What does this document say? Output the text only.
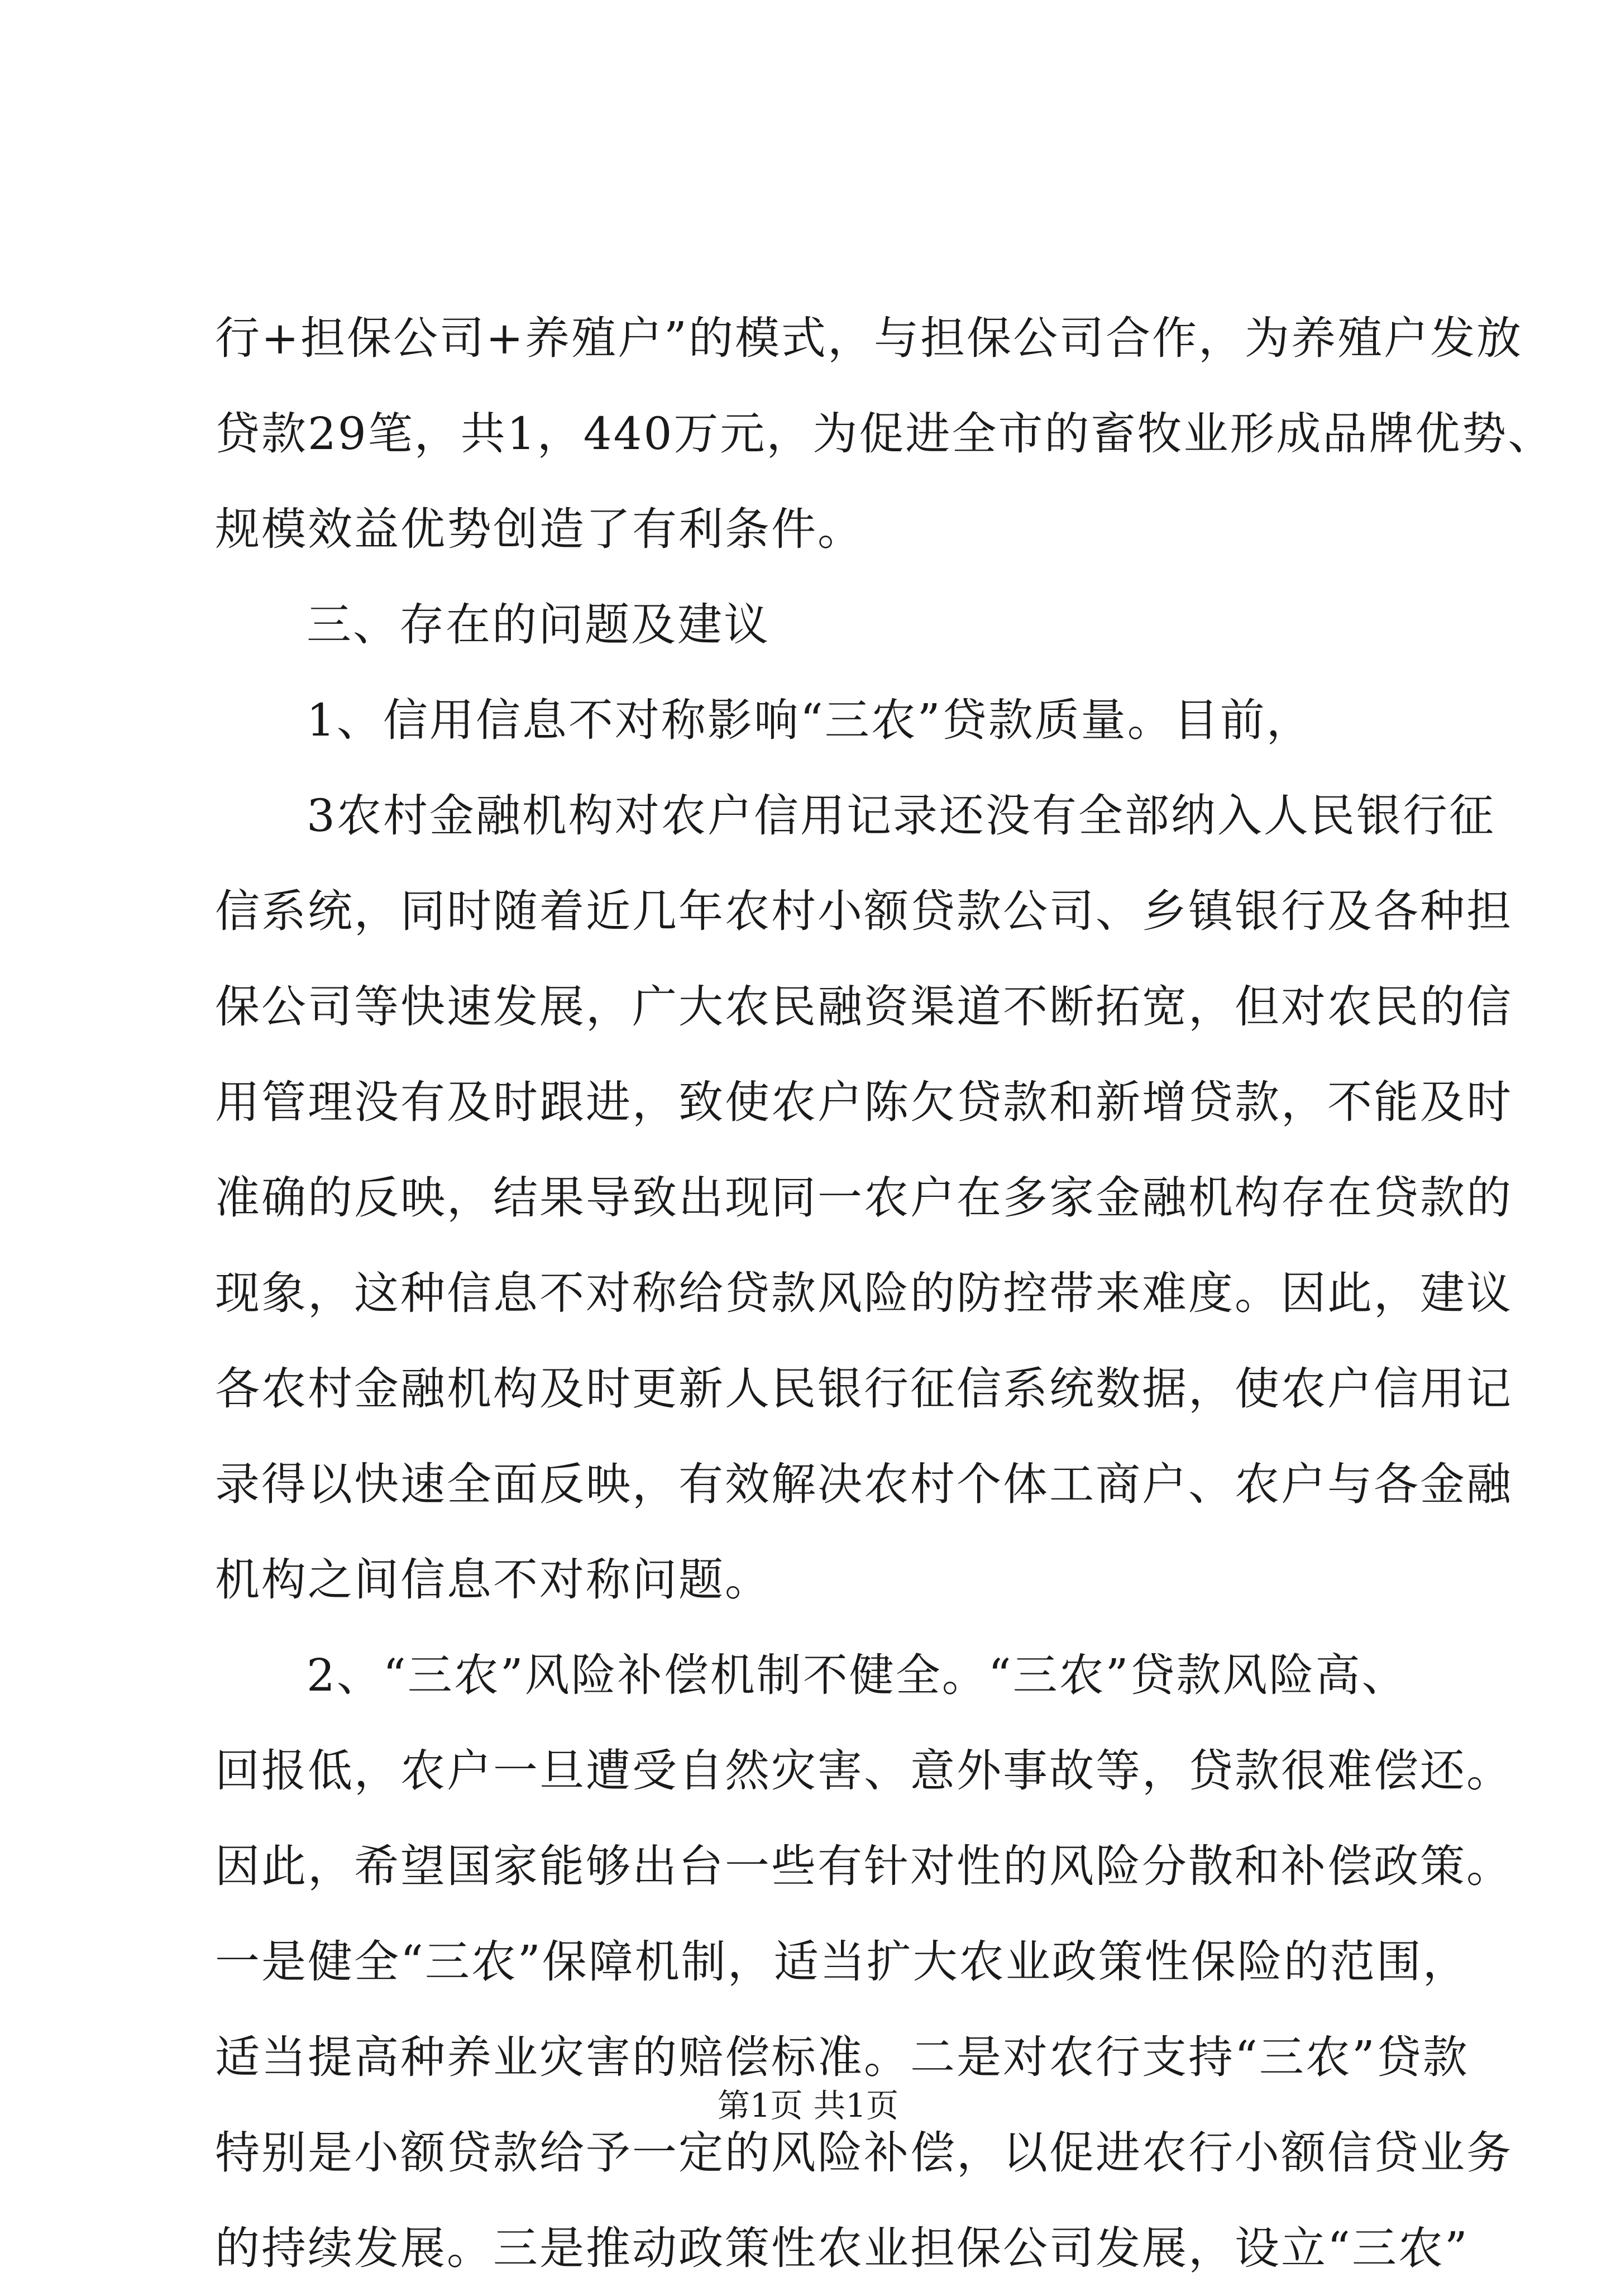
行+担保公司+养殖户”的模式，与担保公司合作，为养殖户发放
贷款29笔，共1，440万元，为促进全市的畜牧业形成品牌优势、
规模效益优势创造了有利条件。
三、存在的问题及建议
1、信用信息不对称影响“三农”贷款质量。目前，
3农村金融机构对农户信用记录还没有全部纳入人民银行征
信系统，同时随着近几年农村小额贷款公司、乡镇银行及各种担
保公司等快速发展，广大农民融资渠道不断拓宽，但对农民的信
用管理没有及时跟进，致使农户陈欠贷款和新增贷款，不能及时
准确的反映，结果导致出现同一农户在多家金融机构存在贷款的
现象，这种信息不对称给贷款风险的防控带来难度。因此，建议
各农村金融机构及时更新人民银行征信系统数据，使农户信用记
录得以快速全面反映，有效解决农村个体工商户、农户与各金融
机构之间信息不对称问题。
2、“三农”风险补偿机制不健全。“三农”贷款风险高、
回报低，农户一旦遭受自然灾害、意外事故等，贷款很难偿还。
因此，希望国家能够出台一些有针对性的风险分散和补偿政策。
一是健全“三农”保障机制，适当扩大农业政策性保险的范围，
适当提高种养业灾害的赔偿标准。二是对农行支持“三农”贷款
特别是小额贷款给予一定的风险补偿，以促进农行小额信贷业务
的持续发展。三是推动政策性农业担保公司发展，设立“三农”
第1页 共1页
